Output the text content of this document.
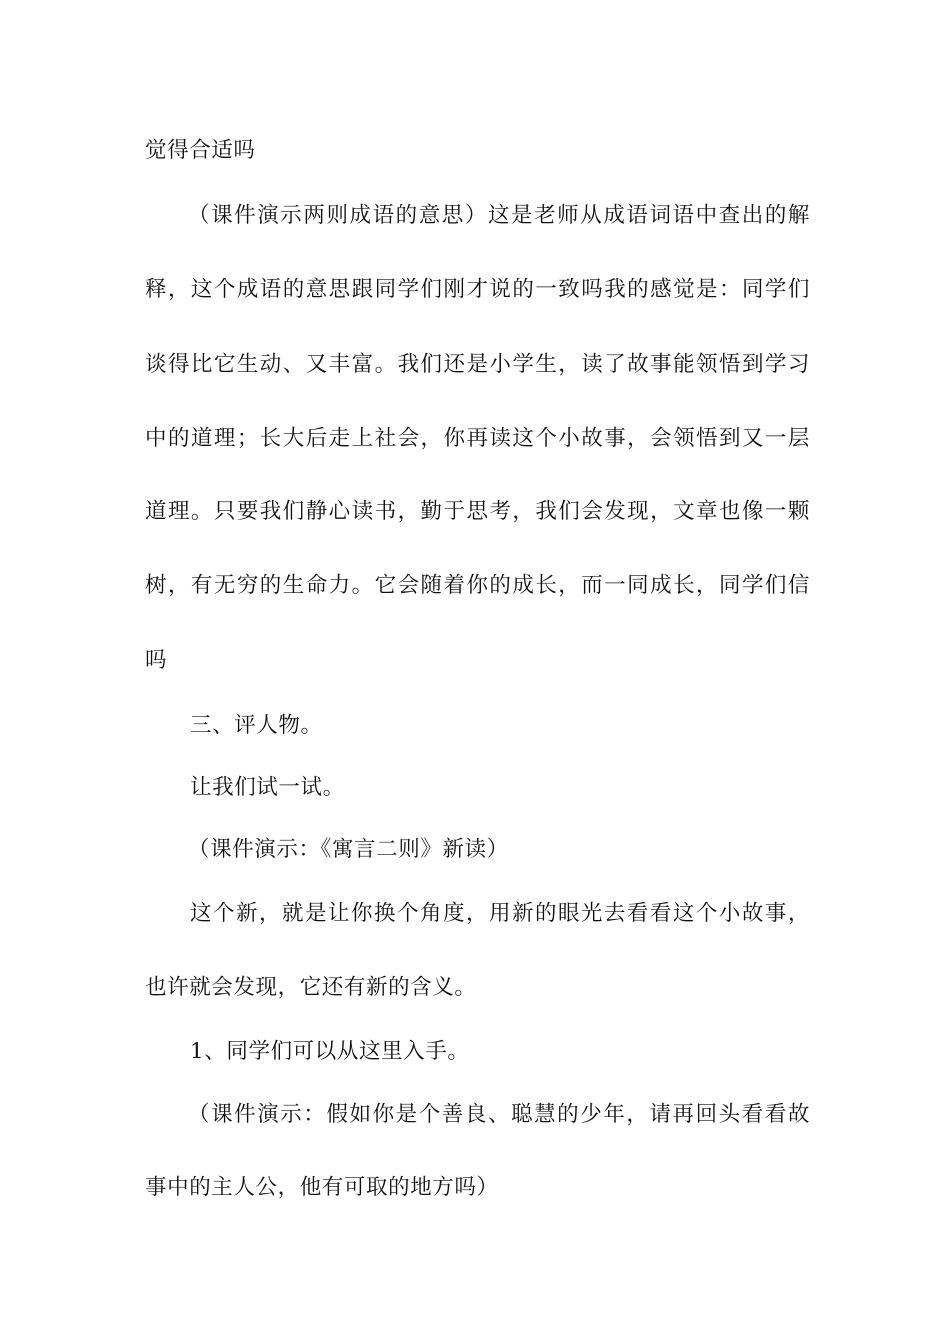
觉得合适吗
（课件演示两则成语的意思）这是老师从成语词语中查出的解
释，这个成语的意思跟同学们刚才说的一致吗我的感觉是：同学们
谈得比它生动、又丰富。我们还是小学生，读了故事能领悟到学习
中的道理；长大后走上社会，你再读这个小故事，会领悟到又一层
道理。只要我们静心读书，勤于思考，我们会发现，文章也像一颗
树，有无穷的生命力。它会随着你的成长，而一同成长，同学们信
吗
三、评人物。
让我们试一试。
（课件演示：《寓言二则》新读）
这个新，就是让你换个角度，用新的眼光去看看这个小故事，
也许就会发现，它还有新的含义。
1、同学们可以从这里入手。
（课件演示：假如你是个善良、聪慧的少年，请再回头看看故
事中的主人公，他有可取的地方吗）
